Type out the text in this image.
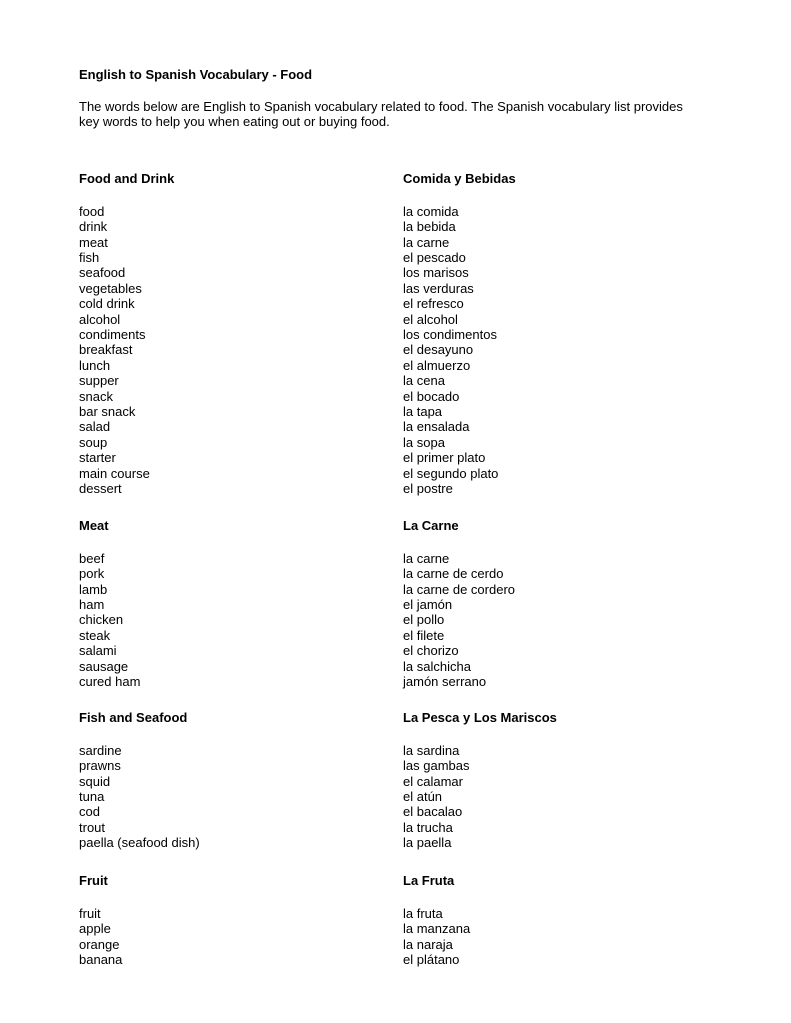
English to Spanish Vocabulary - Food
The words below are English to Spanish vocabulary related to food. The Spanish vocabulary list provides
key words to help you when eating out or buying food.
Food and Drink	Comida y Bebidas
food	la comida
drink	la bebida
meat	la carne
fish	el pescado
seafood	los marisos
vegetables	las verduras
cold drink	el refresco
alcohol	el alcohol
condiments	los condimentos
breakfast	el desayuno
lunch	el almuerzo
supper	la cena
snack	el bocado
bar snack	la tapa
salad	la ensalada
soup	la sopa
starter	el primer plato
main course	el segundo plato
dessert	el postre
Meat	La Carne
beef	la carne
pork	la carne de cerdo
lamb	la carne de cordero
ham	el jamón
chicken	el pollo
steak	el filete
salami	el chorizo
sausage	la salchicha
cured ham	jamón serrano
Fish and Seafood	La Pesca y Los Mariscos
sardine	la sardina
prawns	las gambas
squid	el calamar
tuna	el atún
cod	el bacalao
trout	la trucha
paella (seafood dish)	la paella
Fruit	La Fruta
fruit	la fruta
apple	la manzana
orange	la naraja
banana	el plátano
